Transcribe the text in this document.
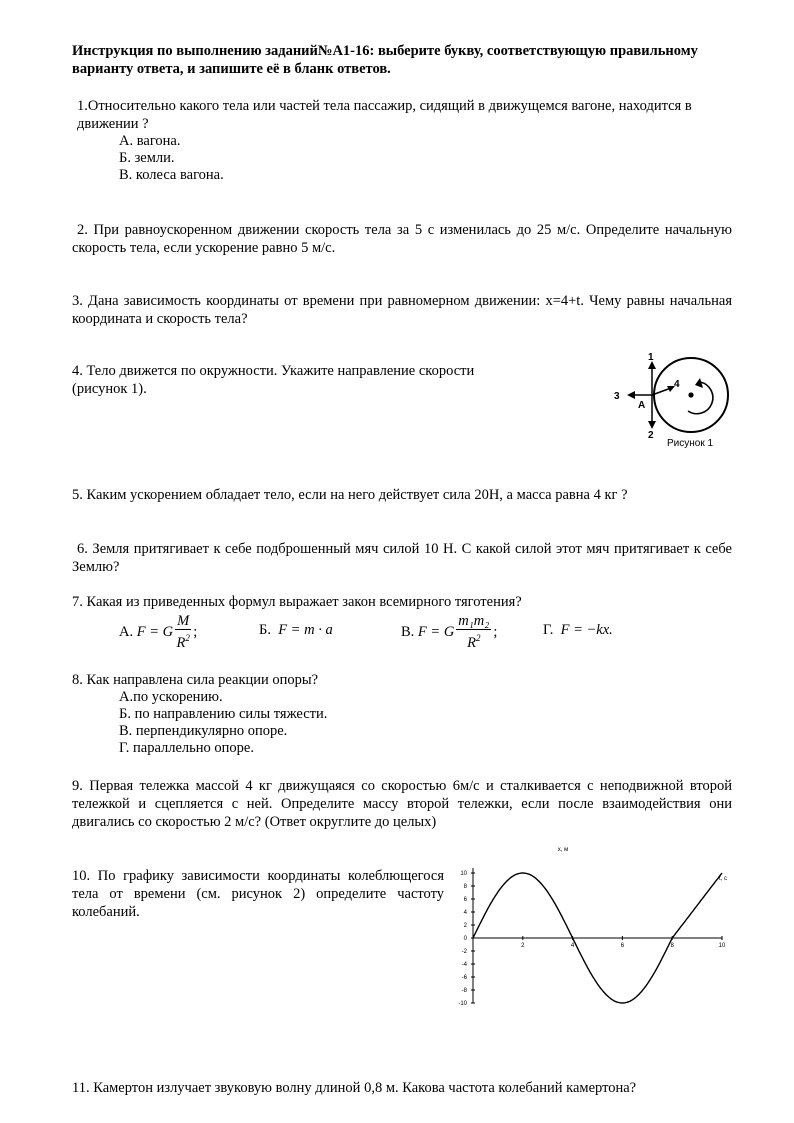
Инструкция по выполнению заданий№А1-16: выберите букву, соответствующую правильному варианту ответа, и запишите её в бланк ответов.
1.Относительно какого тела или частей тела пассажир, сидящий в движущемся вагоне, находится в движении ?
А. вагона.
Б. земли.
В. колеса вагона.
2. При равноускоренном движении скорость тела за 5 с изменилась до 25 м/с. Определите начальную скорость тела, если ускорение равно 5 м/с.
3. Дана зависимость координаты от времени при равномерном движении: x=4+t. Чему равны начальная координата и скорость тела?
4. Тело движется по окружности. Укажите направление скорости (рисунок 1).
1
2
3
4
А
Рисунок 1
5. Каким ускорением обладает тело, если на него действует сила 20Н, а масса равна 4 кг ?
6. Земля притягивает к себе подброшенный мяч силой 10 Н. С какой силой этот мяч притягивает к себе Землю?
7. Какая из приведенных формул выражает закон всемирного тяготения?
А. F = G $\frac{M}{R^2}$ ;	Б. F = m · a	В. F = G $\frac{\text{m₁m₂}}{R^2}$ ;	Г. F = −kx.
8. Как направлена сила реакции опоры?
А.по ускорению.
Б. по направлению силы тяжести.
В. перпендикулярно опоре.
Г. параллельно опоре.
9. Первая тележка массой 4 кг движущаяся со скоростью 6м/с и сталкивается с неподвижной второй тележкой и сцепляется с ней. Определите массу второй тележки, если после взаимодействия они двигались со скоростью 2 м/с? (Ответ округлите до целых)
10. По графику зависимости координаты колеблющегося тела от времени (см. рисунок 2) определите частоту колебаний.
x, м
t, c
10
8
6
4
2
0
-2
-4
-6
-8
-10
2	4	6	8	10
11. Камертон излучает звуковую волну длиной 0,8 м. Какова частота колебаний камертона?
